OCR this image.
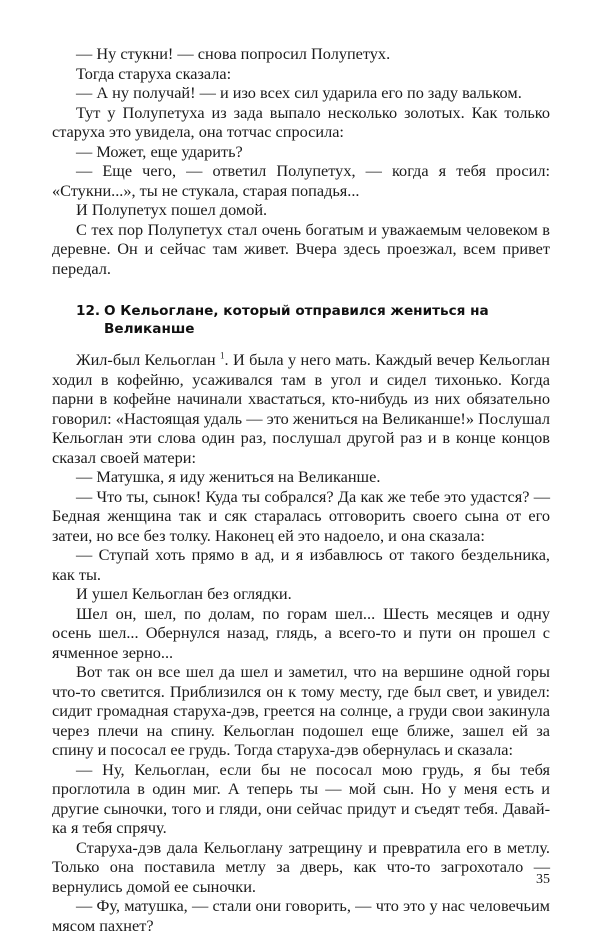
— Ну стукни! — снова попросил Полупетух.

Тогда старуха сказала:

— А ну получай! — и изо всех сил ударила его по заду вальком.

Тут у Полупетуха из зада выпало несколько золотых. Как только старуха это увидела, она тотчас спросила:

— Может, еще ударить?

— Еще чего, — ответил Полупетух, — когда я тебя просил: «Стукни...», ты не стукала, старая попадья...

И Полупетух пошел домой.

С тех пор Полупетух стал очень богатым и уважаемым человеком в деревне. Он и сейчас там живет. Вчера здесь проезжал, всем привет передал.

12. О Кельоглане, который отправился жениться на Великанше

Жил-был Кельоглан $^1$. И была у него мать. Каждый вечер Кельоглан ходил в кофейню, усаживался там в угол и сидел тихонько. Когда парни в кофейне начинали хвастаться, кто-нибудь из них обязательно говорил: «Настоящая удаль — это жениться на Великанше!» Послушал Кельоглан эти слова один раз, послушал другой раз и в конце концов сказал своей матери:

— Матушка, я иду жениться на Великанше.

— Что ты, сынок! Куда ты собрался? Да как же тебе это удастся? — Бедная женщина так и сяк старалась отговорить своего сына от его затеи, но все без толку. Наконец ей это надоело, и она сказала:

— Ступай хоть прямо в ад, и я избавлюсь от такого бездельника, как ты.

И ушел Кельоглан без оглядки.

Шел он, шел, по долам, по горам шел... Шесть месяцев и одну осень шел... Обернулся назад, глядь, а всего-то и пути он прошел с ячменное зерно...

Вот так он все шел да шел и заметил, что на вершине одной горы что-то светится. Приблизился он к тому месту, где был свет, и увидел: сидит громадная старуха-дэв, греется на солнце, а груди свои закинула через плечи на спину. Кельоглан подошел еще ближе, зашел ей за спину и пососал ее грудь. Тогда старуха-дэв обернулась и сказала:

— Ну, Кельоглан, если бы не пососал мою грудь, я бы тебя проглотила в один миг. А теперь ты — мой сын. Но у меня есть и другие сыночки, того и гляди, они сейчас придут и съедят тебя. Давай-ка я тебя спрячу.

Старуха-дэв дала Кельоглану затрещину и превратила его в метлу. Только она поставила метлу за дверь, как что-то загрохотало — вернулись домой ее сыночки.

— Фу, матушка, — стали они говорить, — что это у нас человечьим мясом пахнет?

35
